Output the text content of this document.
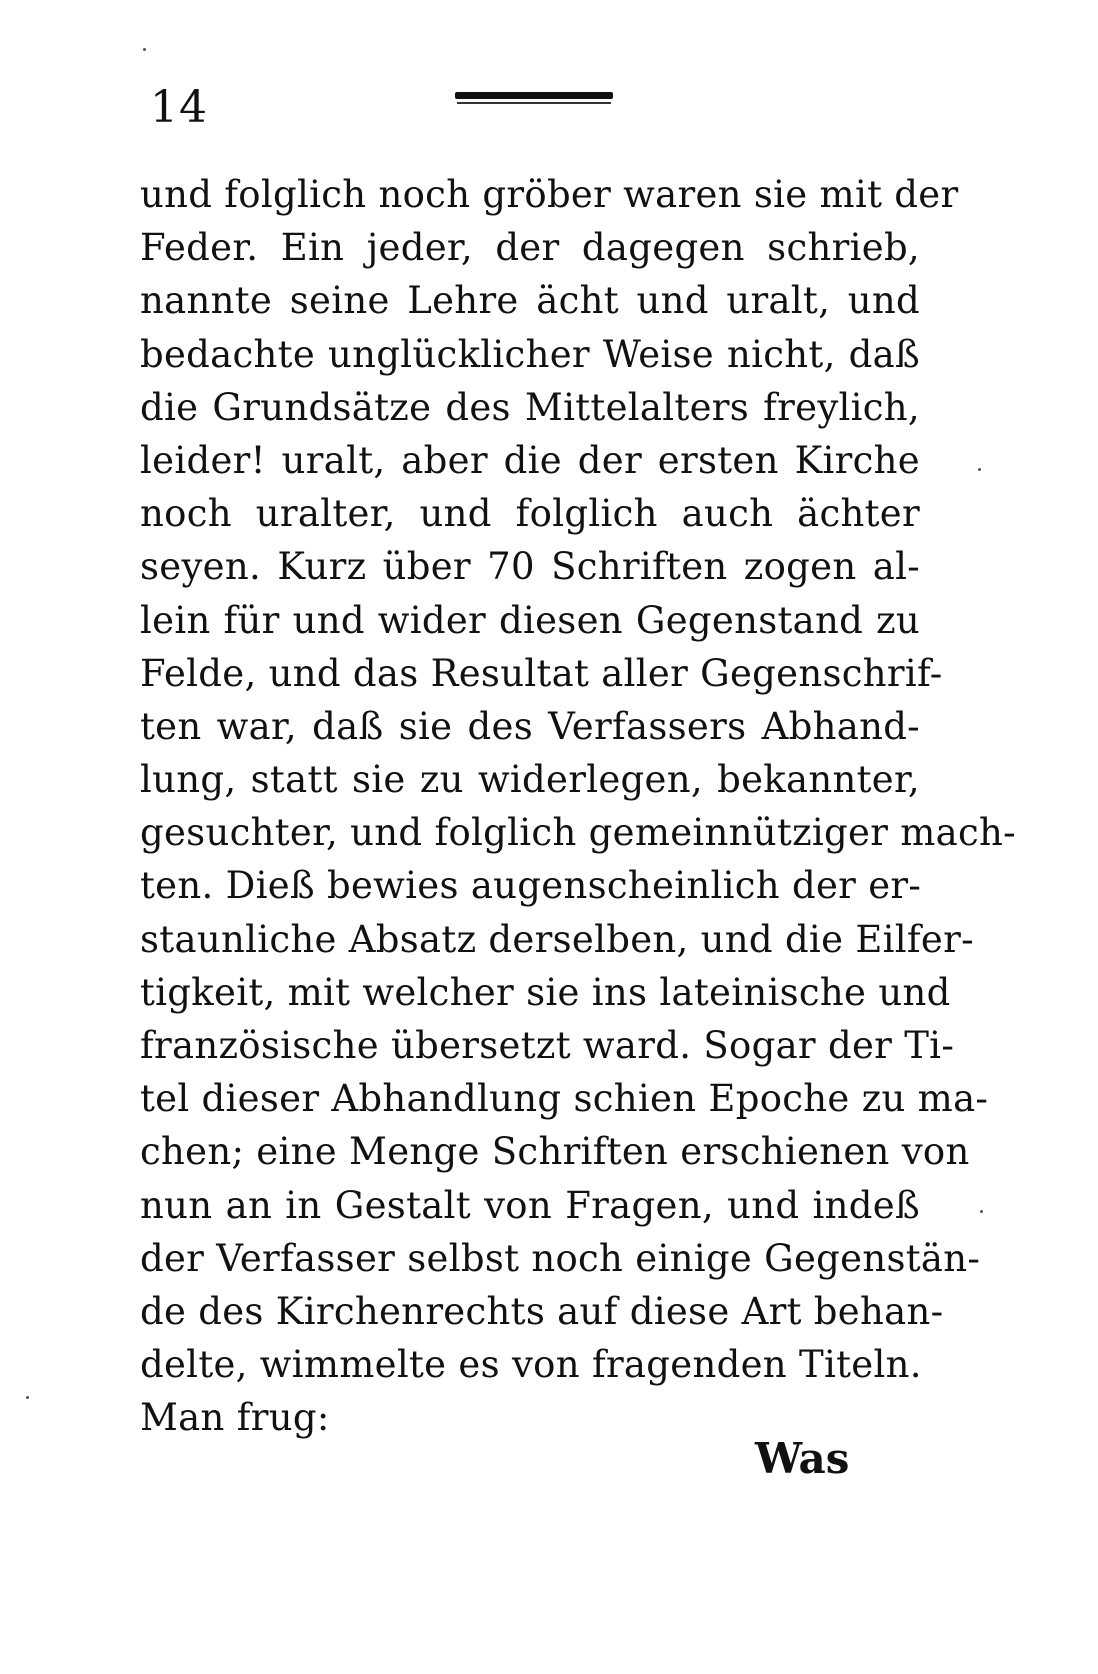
14
und folglich noch gröber waren sie mit der
Feder. Ein jeder, der dagegen schrieb,
nannte seine Lehre ächt und uralt, und
bedachte unglücklicher Weise nicht, daß
die Grundsätze des Mittelalters freylich,
leider! uralt, aber die der ersten Kirche
noch uralter, und folglich auch ächter
seyen. Kurz über 70 Schriften zogen al-
lein für und wider diesen Gegenstand zu
Felde, und das Resultat aller Gegenschrif-
ten war, daß sie des Verfassers Abhand-
lung, statt sie zu widerlegen, bekannter,
gesuchter, und folglich gemeinnütziger mach-
ten. Dieß bewies augenscheinlich der er-
staunliche Absatz derselben, und die Eilfer-
tigkeit, mit welcher sie ins lateinische und
französische übersetzt ward. Sogar der Ti-
tel dieser Abhandlung schien Epoche zu ma-
chen; eine Menge Schriften erschienen von
nun an in Gestalt von Fragen, und indeß
der Verfasser selbst noch einige Gegenstän-
de des Kirchenrechts auf diese Art behan-
delte, wimmelte es von fragenden Titeln.
Man frug:
Was
